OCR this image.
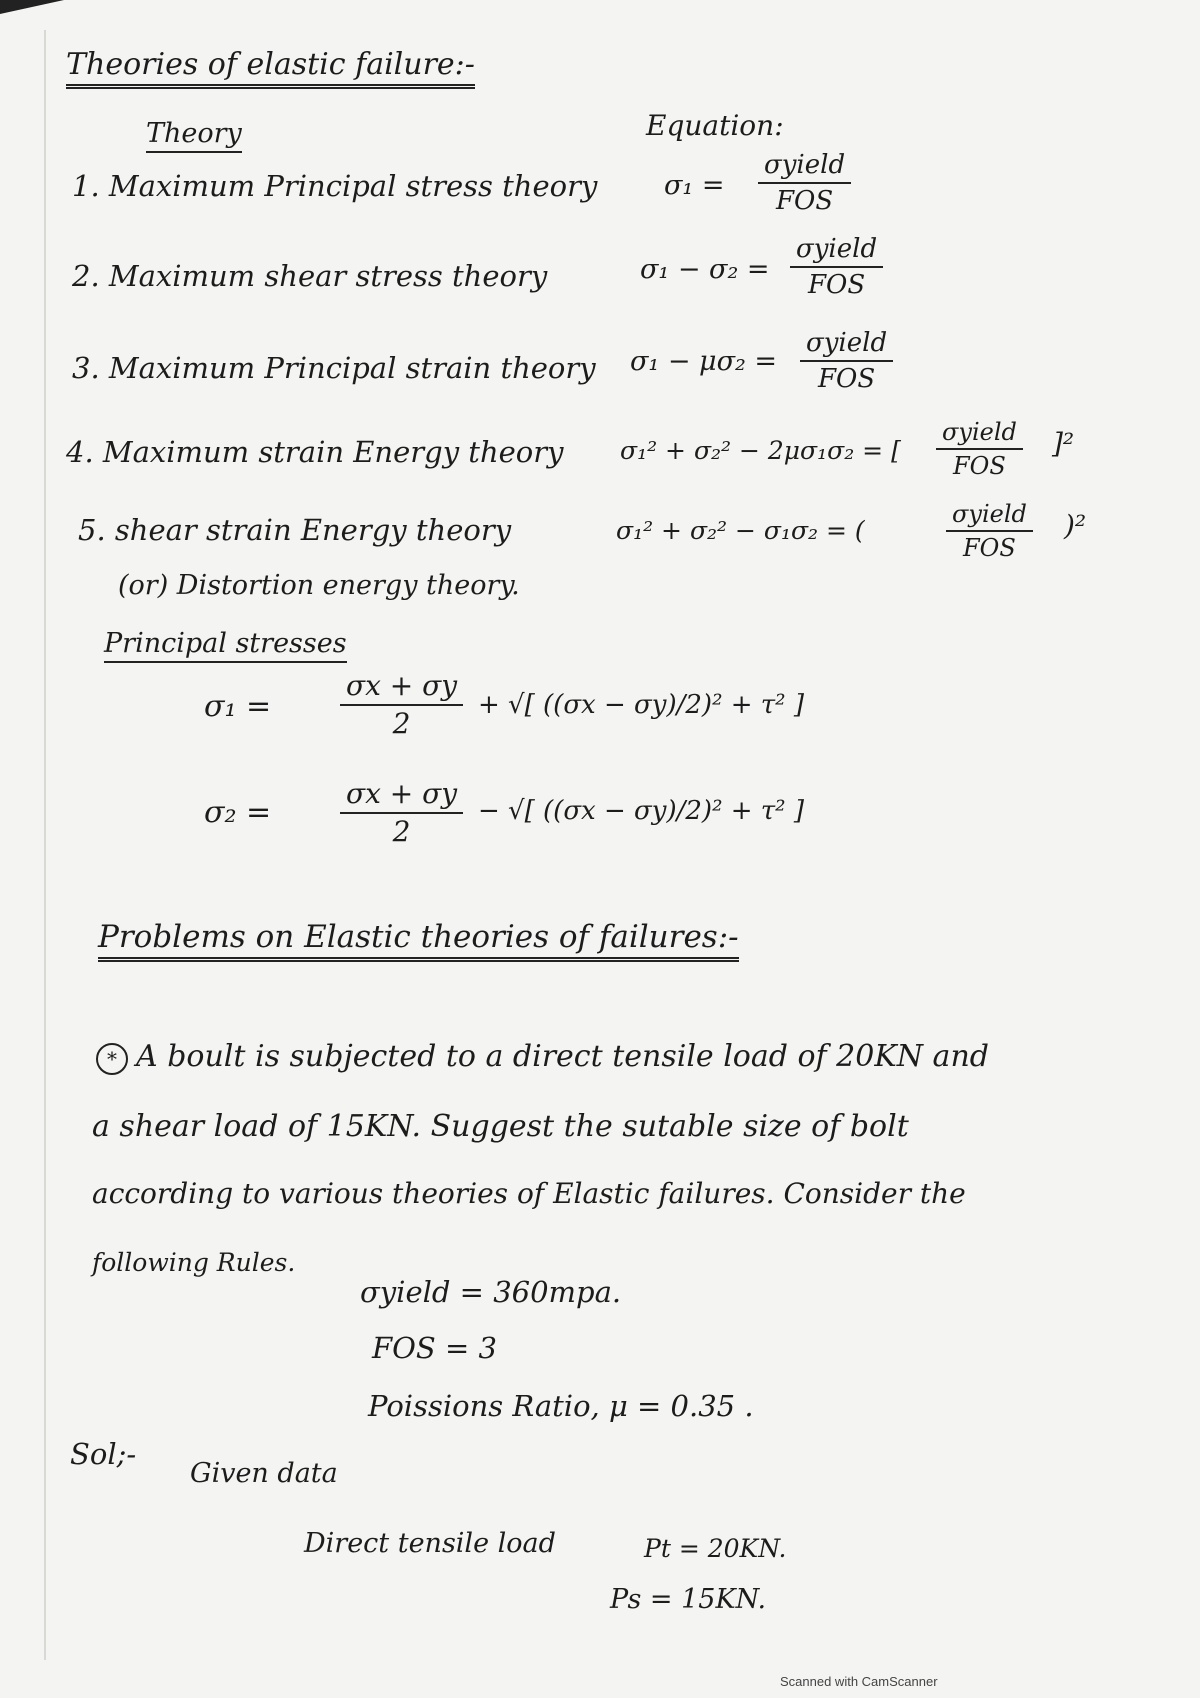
Theories of elastic failure:-
Theory	Equation:
1. Maximum Principal stress theory σ₁ =
σyield
FOS
2. Maximum shear stress theory	σ₁ − σ₂ =
σyield
FOS
3. Maximum Principal strain theory σ₁ − μσ₂ =
σyield
FOS
4. Maximum strain Energy theory σ₁² + σ₂² − 2μσ₁σ₂ = [
σyield
FOS
]²
5. shear strain Energy theory	σ₁² + σ₂² − σ₁σ₂ = (
σyield
FOS
)²
(or) Distortion energy theory.
Principal stresses
$\sigma_1 = \frac{\sigma x + \sigma y}{2}$ + √[ ((σx − σy)/2)² + τ² ]
$\sigma_2 = \frac{\sigma x + \sigma y}{2}$ − √[ ((σx − σy)/2)² + τ² ]
Problems on Elastic theories of failures:-
* A boult is subjected to a direct tensile load of 20KN and
a shear load of 15KN. Suggest the sutable size of bolt
according to various theories of Elastic failures. Consider the
following Rules.
σyield = 360mpa.
FOS = 3
Poissions Ratio, μ = 0.35 .
Sol;-
Given data
Direct tensile load	Pt = 20KN.
Ps = 15KN.
Scanned with CamScanner
